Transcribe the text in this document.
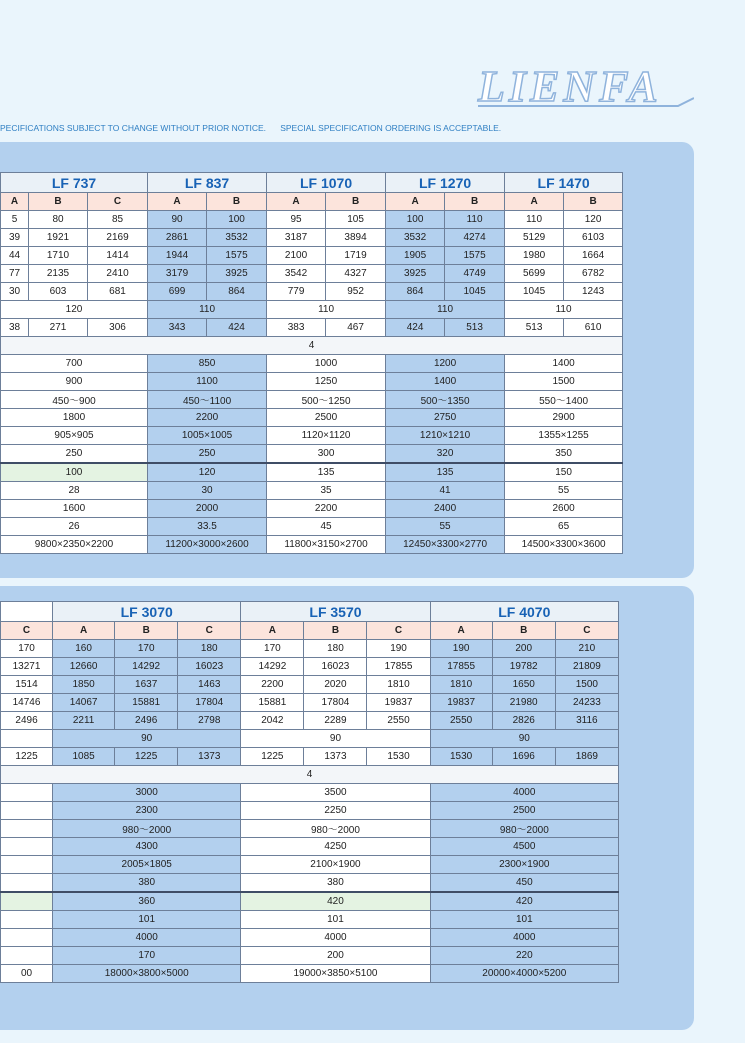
LIENFA
PECIFICATIONS SUBJECT TO CHANGE WITHOUT PRIOR NOTICE.      SPECIAL SPECIFICATION ORDERING IS ACCEPTABLE.
LF 737			LF 837		LF 1070		LF 1270		LF 1470	
A	B	C	A	B	A	B	A	B	A	B
5	80	85	90	100	95	105	100	110	110	120
39	1921	2169	2861	3532	3187	3894	3532	4274	5129	6103
44	1710	1414	1944	1575	2100	1719	1905	1575	1980	1664
77	2135	2410	3179	3925	3542	4327	3925	4749	5699	6782
30	603	681	699	864	779	952	864	1045	1045	1243
120			110		110		110		110	
38	271	306	343	424	383	467	424	513	513	610
4										
700			850		1000		1200		1400	
900			1100		1250		1400		1500	
450～900			450～1100		500～1250		500～1350		550～1400	
1800			2200		2500		2750		2900	
905×905			1005×1005		1120×1120		1210×1210		1355×1255	
250			250		300		320		350	
100			120		135		135		150	
28			30		35		41		55	
1600			2000		2200		2400		2600	
26			33.5		45		55		65	
9800×2350×2200			11200×3000×2600		11800×3150×2700		12450×3300×2770		14500×3300×3600	
	LF 3070			LF 3570			LF 4070		
C	A	B	C	A	B	C	A	B	C
170	160	170	180	170	180	190	190	200	210
13271	12660	14292	16023	14292	16023	17855	17855	19782	21809
1514	1850	1637	1463	2200	2020	1810	1810	1650	1500
14746	14067	15881	17804	15881	17804	19837	19837	21980	24233
2496	2211	2496	2798	2042	2289	2550	2550	2826	3116
	90			90			90		
1225	1085	1225	1373	1225	1373	1530	1530	1696	1869
4									
	3000			3500			4000		
	2300			2250			2500		
	980～2000			980～2000			980～2000		
	4300			4250			4500		
	2005×1805			2100×1900			2300×1900		
	380			380			450		
	360			420			420		
	101			101			101		
	4000			4000			4000		
	170			200			220		
00	18000×3800×5000			19000×3850×5100			20000×4000×5200		
